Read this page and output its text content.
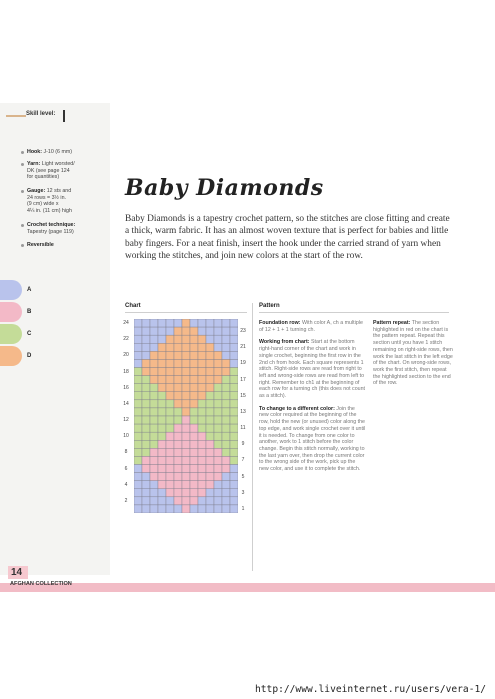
Skill level:
Hook: J-10 (6 mm)
Yarn: Light worsted/
DK (see page 124
for quantities)
Gauge: 12 sts and
24 rows = 3½ in.
(9 cm) wide x
4¼ in. (11 cm) high
Crochet technique:
Tapestry (page 119)
Reversible
A
B
C
D
Baby Diamonds
Baby Diamonds is a tapestry crochet pattern, so the stitches are close fitting and create a thick, warm fabric. It has an almost woven texture that is perfect for babies and little baby fingers. For a neat finish, insert the hook under the carried strand of yarn when working the stitches, and join new colors at the start of the row.
Chart
24
22
20
18
16
14
12
10
8
6
4
2
23
21
19
17
15
13
11
9
7
5
3
1
Pattern
Foundation row: With color A, ch a multiple of 12 + 1 + 1 turning ch.
Working from chart: Start at the bottom right-hand corner of the chart and work in single crochet, beginning the first row in the 2nd ch from hook. Each square represents 1 stitch. Right-side rows are read from right to left and wrong-side rows are read from left to right. Remember to ch1 at the beginning of each row for a turning ch (this does not count as a stitch).
To change to a different color: Join the new color required at the beginning of the row, hold the new (or unused) color along the top edge, and work single crochet over it until it is needed. To change from one color to another, work to 1 stitch before the color change. Begin this stitch normally, working to the last yarn over, then drop the current color to the wrong side of the work, pick up the new color, and use it to complete the stitch.
Pattern repeat: The section highlighted in red on the chart is the pattern repeat. Repeat this section until you have 1 stitch remaining on right-side rows, then work the last stitch in the left edge of the chart. On wrong-side rows, work the first stitch, then repeat the highlighted section to the end of the row.
14
AFGHAN COLLECTION
http://www.liveinternet.ru/users/vera-1/
